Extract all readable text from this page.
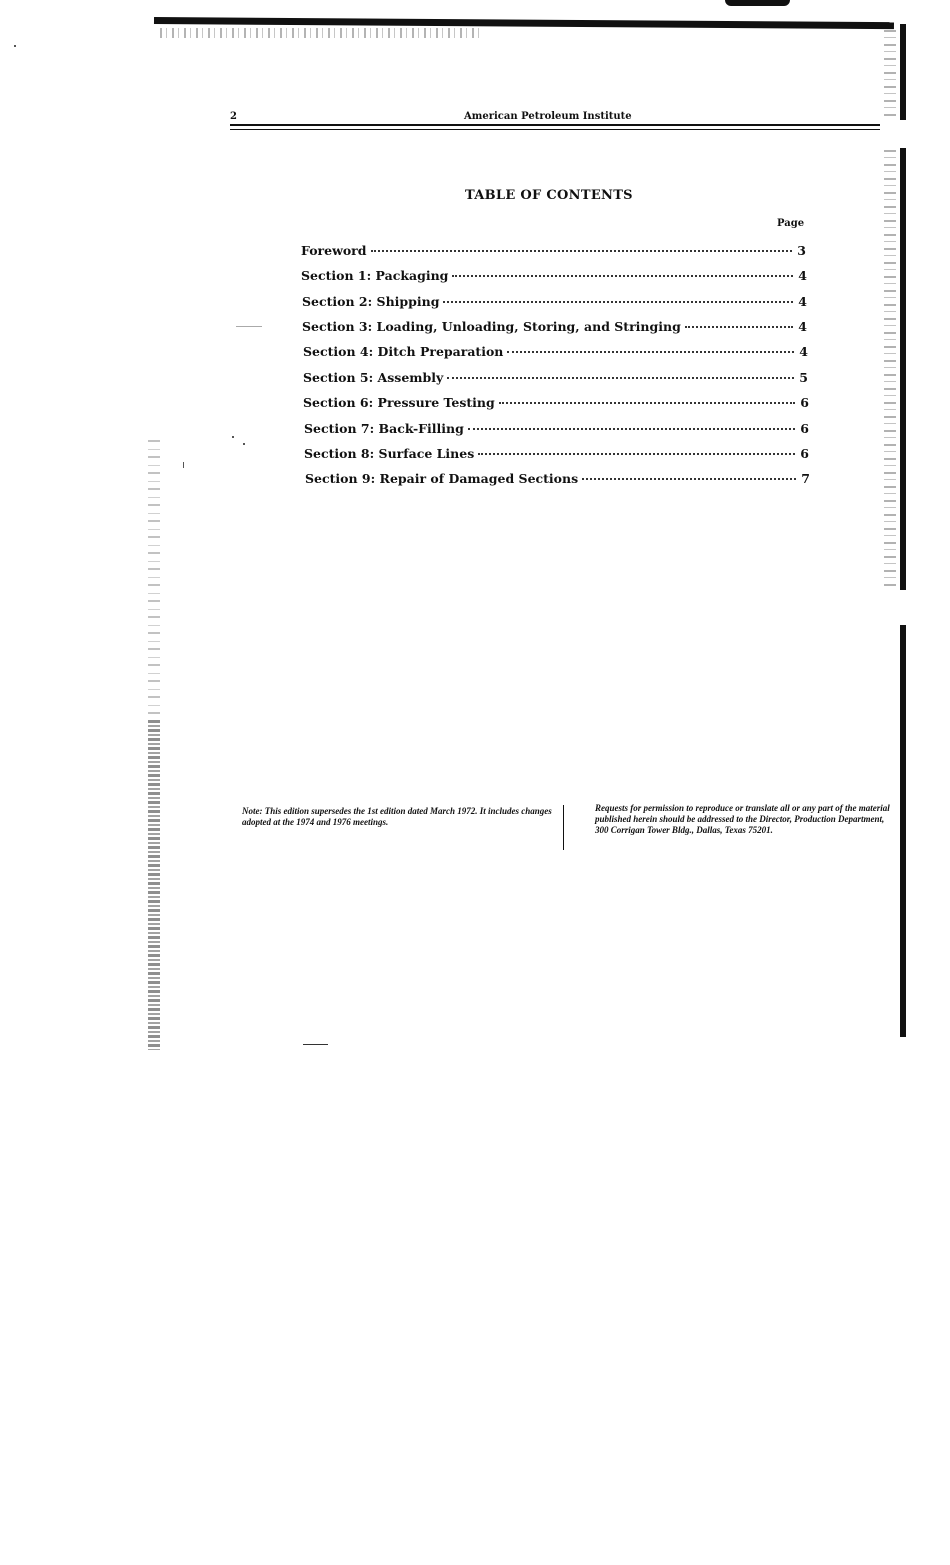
2	American Petroleum Institute
TABLE OF CONTENTS
Page
Foreword	3
Section 1: Packaging	4
Section 2: Shipping	4
Section 3: Loading, Unloading, Storing, and Stringing	4
Section 4: Ditch Preparation	4
Section 5: Assembly	5
Section 6: Pressure Testing	6
Section 7: Back-Filling	6
Section 8: Surface Lines	6
Section 9: Repair of Damaged Sections	7
Note: This edition supersedes the 1st edition dated March 1972. It includes changes adopted at the 1974 and 1976 meetings.
Requests for permission to reproduce or translate all or any part of the material published herein should be addressed to the Director, Production Department, 300 Corrigan Tower Bldg., Dallas, Texas 75201.
